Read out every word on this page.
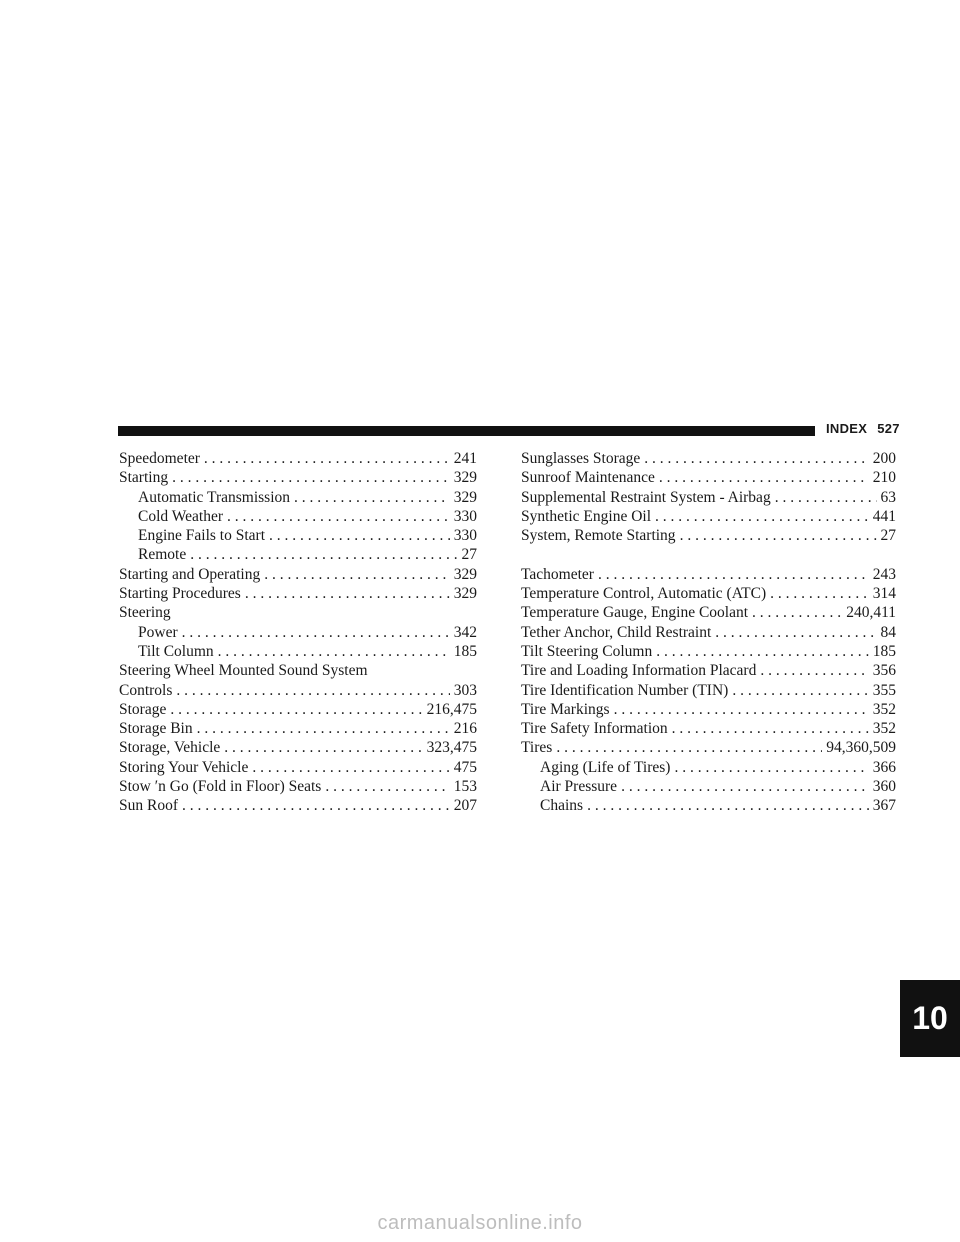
INDEX 527
Speedometer . . .	241
Starting . . .	329
Automatic Transmission . . .	329
Cold Weather . . .	330
Engine Fails to Start . . .	330
Remote . . .	27
Starting and Operating . . .	329
Starting Procedures . . .	329
Steering
Power . . .	342
Tilt Column . . .	185
Steering Wheel Mounted Sound System
Controls . . .	303
Storage . . .	216,475
Storage Bin . . .	216
Storage, Vehicle . . .	323,475
Storing Your Vehicle . . .	475
Stow ′n Go (Fold in Floor) Seats . . .	153
Sun Roof . . .	207
Sunglasses Storage . . .	200
Sunroof Maintenance . . .	210
Supplemental Restraint System - Airbag . . .	63
Synthetic Engine Oil . . .	441
System, Remote Starting . . .	27
Tachometer . . .	243
Temperature Control, Automatic (ATC) . . .	314
Temperature Gauge, Engine Coolant . . .	240,411
Tether Anchor, Child Restraint . . .	84
Tilt Steering Column . . .	185
Tire and Loading Information Placard . . .	356
Tire Identification Number (TIN) . . .	355
Tire Markings . . .	352
Tire Safety Information . . .	352
Tires . . .	94,360,509
Aging (Life of Tires) . . .	366
Air Pressure . . .	360
Chains . . .	367
10
carmanualsonline.info
